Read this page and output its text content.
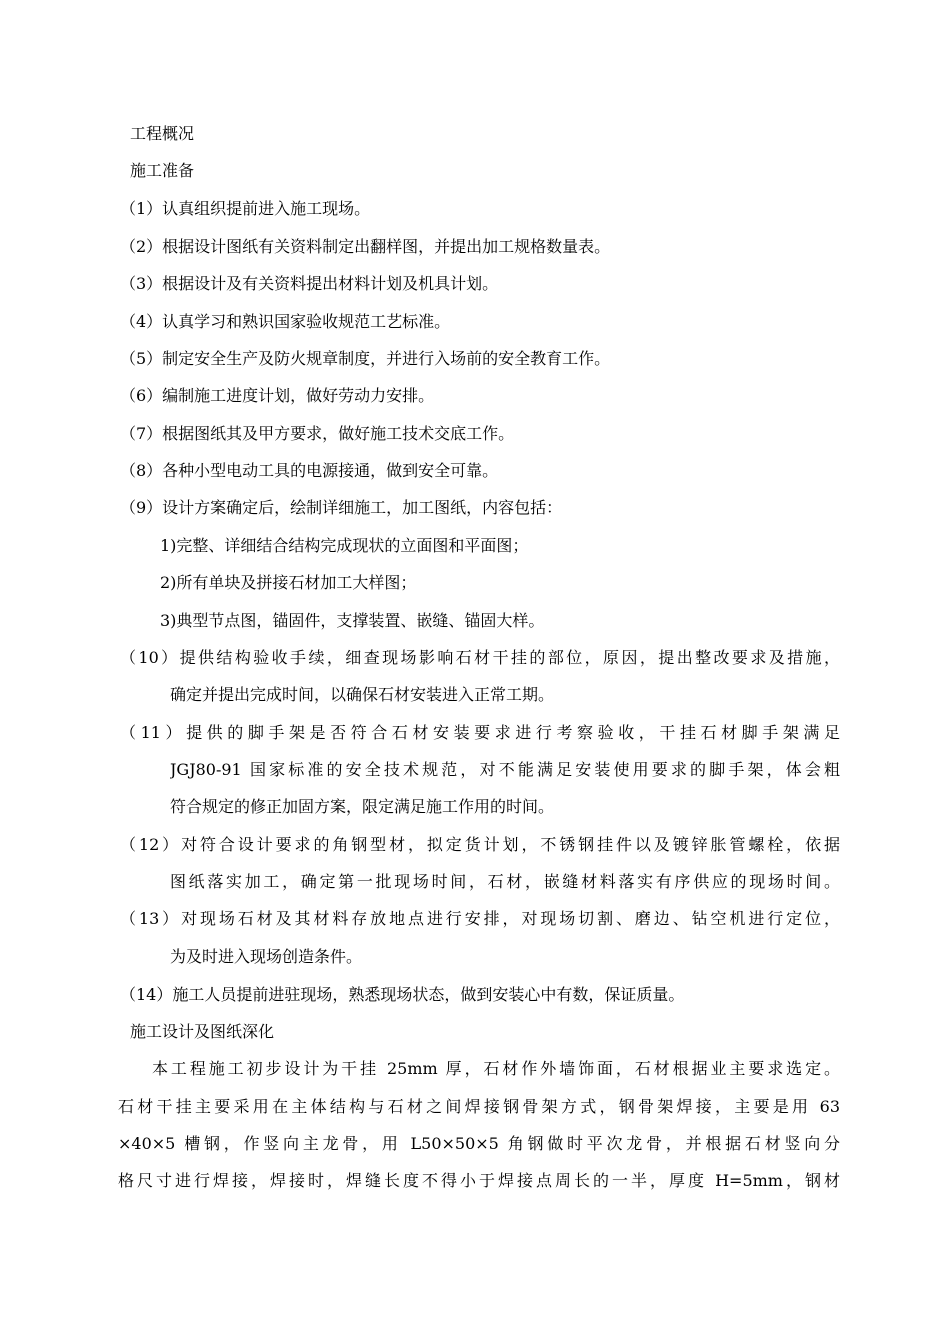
工程概况
施工准备
（1）认真组织提前进入施工现场。
（2）根据设计图纸有关资料制定出翻样图，并提出加工规格数量表。
（3）根据设计及有关资料提出材料计划及机具计划。
（4）认真学习和熟识国家验收规范工艺标准。
（5）制定安全生产及防火规章制度，并进行入场前的安全教育工作。
（6）编制施工进度计划，做好劳动力安排。
（7）根据图纸其及甲方要求，做好施工技术交底工作。
（8）各种小型电动工具的电源接通，做到安全可靠。
（9）设计方案确定后，绘制详细施工，加工图纸，内容包括：
1)完整、详细结合结构完成现状的立面图和平面图；
2)所有单块及拼接石材加工大样图；
3)典型节点图，锚固件，支撑装置、嵌缝、锚固大样。
（10）提供结构验收手续，细查现场影响石材干挂的部位，原因，提出整改要求及措施，
确定并提出完成时间，以确保石材安装进入正常工期。
（11）提供的脚手架是否符合石材安装要求进行考察验收，干挂石材脚手架满足
JGJ80-91 国家标准的安全技术规范，对不能满足安装使用要求的脚手架，体会粗
符合规定的修正加固方案，限定满足施工作用的时间。
（12）对符合设计要求的角钢型材，拟定货计划，不锈钢挂件以及镀锌胀管螺栓，依据
图纸落实加工，确定第一批现场时间，石材，嵌缝材料落实有序供应的现场时间。
（13）对现场石材及其材料存放地点进行安排，对现场切割、磨边、钻空机进行定位，
为及时进入现场创造条件。
（14）施工人员提前进驻现场，熟悉现场状态，做到安装心中有数，保证质量。
施工设计及图纸深化
本工程施工初步设计为干挂 25mm 厚，石材作外墙饰面，石材根据业主要求选定。
石材干挂主要采用在主体结构与石材之间焊接钢骨架方式，钢骨架焊接，主要是用 63
×40×5 槽钢，作竖向主龙骨，用 L50×50×5 角钢做时平次龙骨，并根据石材竖向分
格尺寸进行焊接，焊接时，焊缝长度不得小于焊接点周长的一半，厚度 H=5mm，钢材
